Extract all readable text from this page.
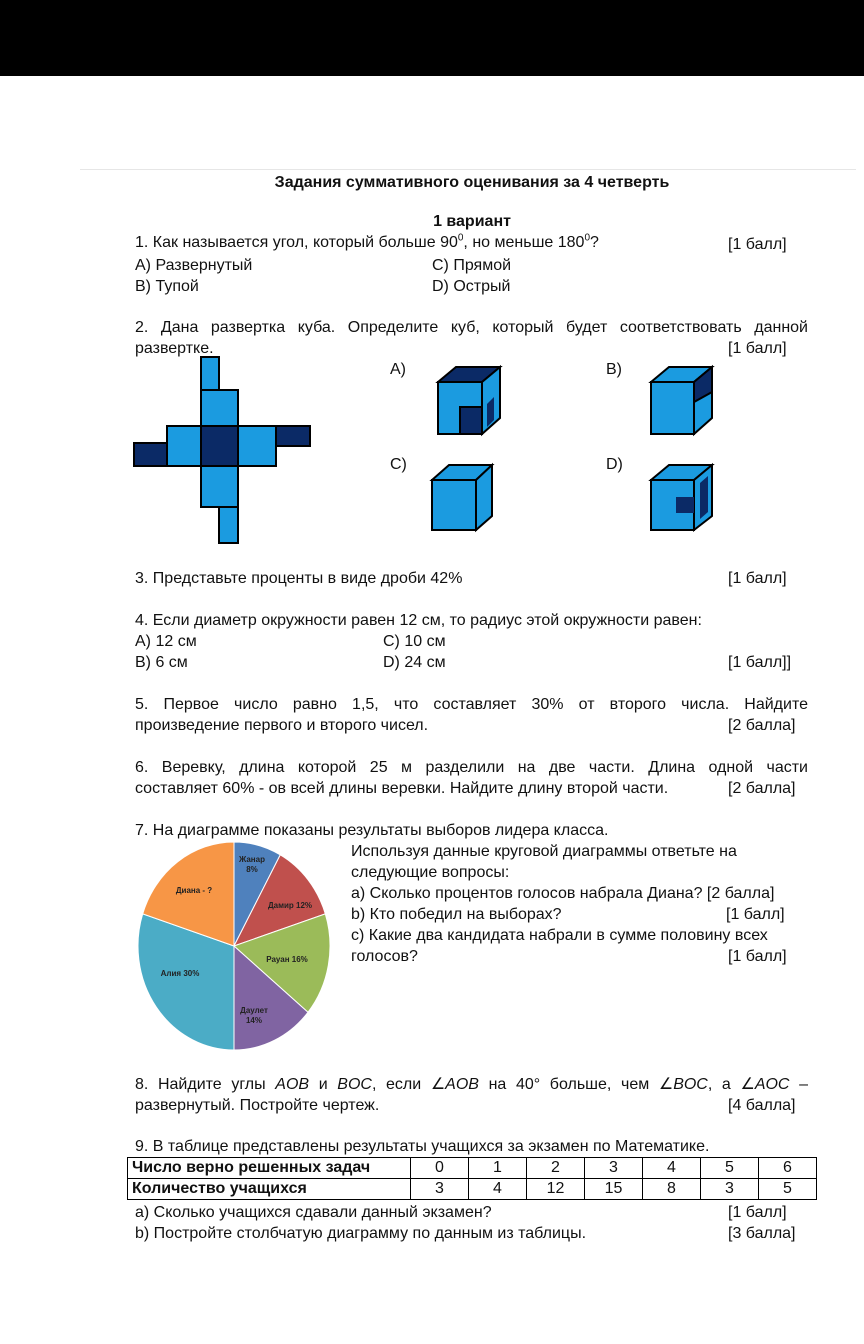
Задания суммативного оценивания за 4 четверть
1 вариант
1. Как называется угол, который больше $90^0$, но меньше $180^0$?	[1 балл]
A) Развернутый	C) Прямой
B) Тупой	D) Острый
2. Дана развертка куба. Определите куб, который будет соответствовать данной
развертке.	[1 балл]
A)	B)
C)	D)
3. Представьте проценты в виде дроби 42%	[1 балл]
4. Если диаметр окружности равен 12 см, то радиус этой окружности равен:
A) 12 см	C) 10 см
B) 6 см	D) 24 см	[1 балл]]
5. Первое число равно 1,5, что составляет 30% от второго числа. Найдите
произведение первого и второго чисел.	[2 балла]
6. Веревку, длина которой 25 м разделили на две части. Длина одной части
составляет 60% - ов всей длины веревки. Найдите длину второй части.	[2 балла]
7. На диаграмме показаны результаты выборов лидера класса.
Используя данные круговой диаграммы ответьте на
следующие вопросы:
a) Сколько процентов голосов набрала Диана? [2 балла]
b) Кто победил на выборах?	[1 балл]
c) Какие два кандидата набрали в сумме половину всех
голосов?	[1 балл]
Жанар
8%
Дамир 12%
Рауан 16%
Даулет
14%
Алия 30%
Диана - ?
8. Найдите углы AOB и BOC, если ∠AOB на 40° больше, чем ∠BOC, а ∠AOC –
развернутый. Постройте чертеж.	[4 балла]
9. В таблице представлены результаты учащихся за экзамен по Математике.
Число верно решенных задач	0	1	2	3	4	5	6
Количество учащихся	3	4	12	15	8	3	5
a) Сколько учащихся сдавали данный экзамен?	[1 балл]
b) Постройте столбчатую диаграмму по данным из таблицы.	[3 балла]
